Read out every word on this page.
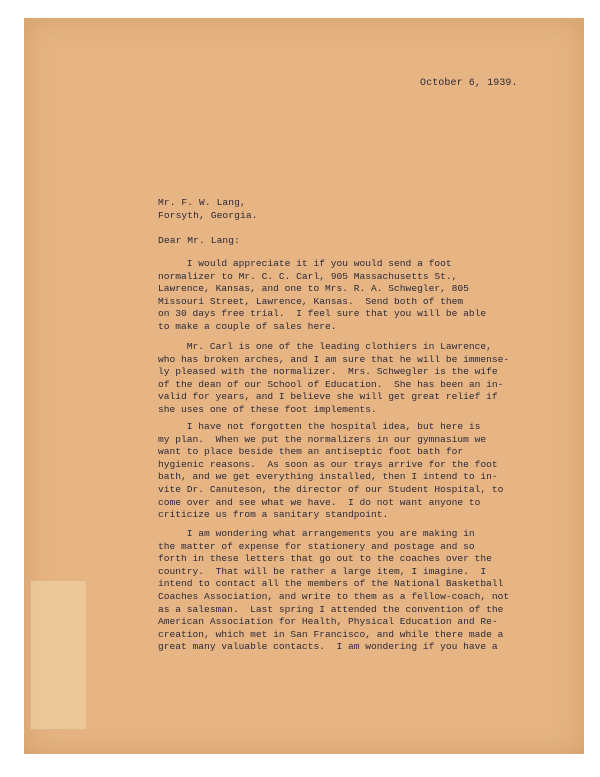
October 6, 1939.
Mr. F. W. Lang,
Forsyth, Georgia.
Dear Mr. Lang:
I would appreciate it if you would send a foot
normalizer to Mr. C. C. Carl, 905 Massachusetts St.,
Lawrence, Kansas, and one to Mrs. R. A. Schwegler, 805
Missouri Street, Lawrence, Kansas.  Send both of them
on 30 days free trial.  I feel sure that you will be able
to make a couple of sales here.
Mr. Carl is one of the leading clothiers in Lawrence,
who has broken arches, and I am sure that he will be immense-
ly pleased with the normalizer.  Mrs. Schwegler is the wife
of the dean of our School of Education.  She has been an in-
valid for years, and I believe she will get great relief if
she uses one of these foot implements.
I have not forgotten the hospital idea, but here is
my plan.  When we put the normalizers in our gymnasium we
want to place beside them an antiseptic foot bath for
hygienic reasons.  As soon as our trays arrive for the foot
bath, and we get everything installed, then I intend to in-
vite Dr. Canuteson, the director of our Student Hospital, to
come over and see what we have.  I do not want anyone to
criticize us from a sanitary standpoint.
I am wondering what arrangements you are making in
the matter of expense for stationery and postage and so
forth in these letters that go out to the coaches over the
country.  That will be rather a large item, I imagine.  I
intend to contact all the members of the National Basketball
Coaches Association, and write to them as a fellow-coach, not
as a salesman.  Last spring I attended the convention of the
American Association for Health, Physical Education and Re-
creation, which met in San Francisco, and while there made a
great many valuable contacts.  I am wondering if you have a
